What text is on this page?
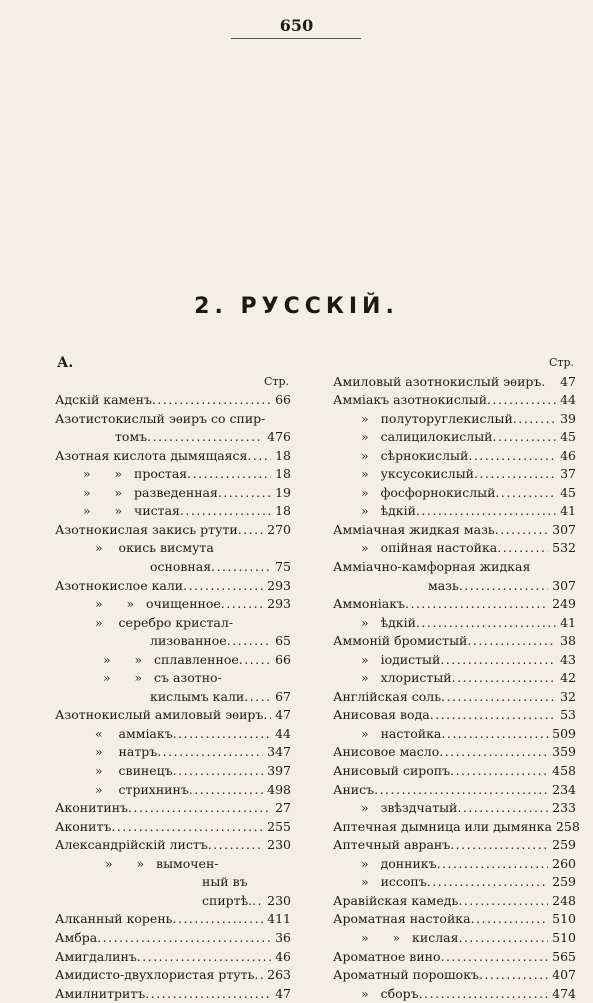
650

2. РУССКІЙ.
А.
Стр.
Адскій каменъ .....	66
Азотистокислый эѳиръ со спир-
томъ .....	476
Азотная кислота дымящаяся .....	18
»      »   простая .....	18
»      »   разведенная .....	19
»      »   чистая .....	18
Азотнокислая закись ртути .....	270
»    окись висмута
основная .....	75
Азотнокислое кали .....	293
»      »   очищенное .....	293
»    серебро кристал-
лизованное .....	65
»      »   сплавленное .....	66
»      »   съ азотно-
кислымъ кали .....	67
Азотнокислый амиловый эѳиръ ..... 47
«    аммiакъ .....	44
»    натръ .....	347
»    свинецъ .....	397
»    стрихнинъ .....	498
Аконитинъ .....	27
Аконитъ .....	255
Александрійскій листъ .....	230
»      »   вымочен-
ный въ
спиртѣ. .....	230
Алканный корень .....	411
Амбра .....	36
Амигдалинъ .....	46
Амидисто-двухлористая ртуть .....	263
Амилнитритъ .....	47
Стр.
Амиловый азотнокислый эѳиръ.	47
Аммiакъ азотнокислый .....	44
»   полуторуглекислый .....	39
»   салицилокислый .....	45
»   сѣрнокислый .....	46
»   уксусокислый .....	37
»   фосфорнокислый .....	45
»   ѣдкій .....	41
Аммiачная жидкая мазь .....	307
»   опiйная настойка .....	532
Аммiачно-камфорная жидкая
мазь .....	307
Аммонiакъ .....	249
»   ѣдкій .....	41
Аммоній бромистый .....	38
»   iодистый .....	43
»   хлористый .....	42
Англійская соль .....	32
Анисовая вода .....	53
»   настойка .....	509
Анисовое масло .....	359
Анисовый сиропъ .....	458
Анисъ .....	234
»   звѣздчатый .....	233
Аптечная дымница или дымянка 258
Аптечный авранъ .....	259
»   донникъ .....	260
»   иссопъ .....	259
Аравійская камедь .....	248
Ароматная настойка .....	510
»      »   кислая .....	510
Ароматное вино .....	565
Ароматный порошокъ .....	407
»   сборъ .....	474
